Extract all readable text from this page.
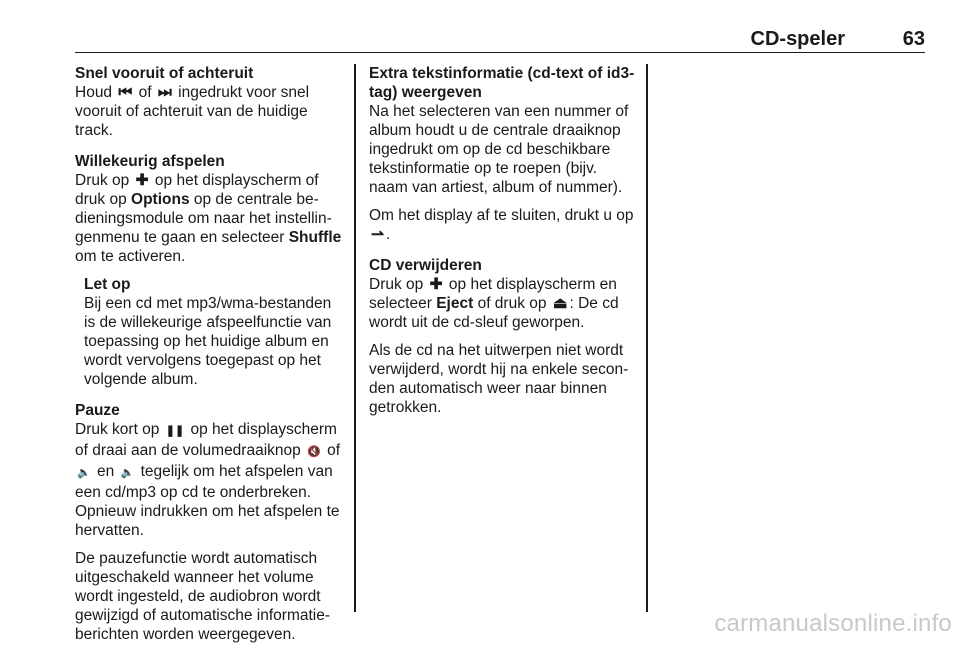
CD-speler	63

Snel vooruit of achteruit

Houd ⏮ of ⏭ ingedrukt voor snel vooruit of achteruit van de huidige track.

Willekeurig afspelen

Druk op ✚ op het displayscherm of druk op Options op de centrale be-dieningsmodule om naar het instellin-genmenu te gaan en selecteer Shuffle om te activeren.

Let op

Bij een cd met mp3/wma-bestanden is de willekeurige afspeelfunctie van toepassing op het huidige album en wordt vervolgens toegepast op het volgende album.

Pauze

Druk kort op ❚❚ op het displayscherm of draai aan de volumedraaiknop 🔇 of 🔈 en 🔈 tegelijk om het afspelen van een cd/mp3 op cd te onderbreken. Opnieuw indrukken om het afspelen te hervatten.

De pauzefunctie wordt automatisch uitgeschakeld wanneer het volume wordt ingesteld, de audiobron wordt gewijzigd of automatische informatie-berichten worden weergegeven.

Extra tekstinformatie (cd-text of id3-tag) weergeven

Na het selecteren van een nummer of album houdt u de centrale draaiknop ingedrukt om op de cd beschikbare tekstinformatie op te roepen (bijv. naam van artiest, album of nummer).

Om het display af te sluiten, drukt u op ⇀ .

CD verwijderen

Druk op ✚ op het displayscherm en selecteer Eject of druk op ⏏ : De cd wordt uit de cd-sleuf geworpen.

Als de cd na het uitwerpen niet wordt verwijderd, wordt hij na enkele secon-den automatisch weer naar binnen getrokken.

carmanualsonline.info
